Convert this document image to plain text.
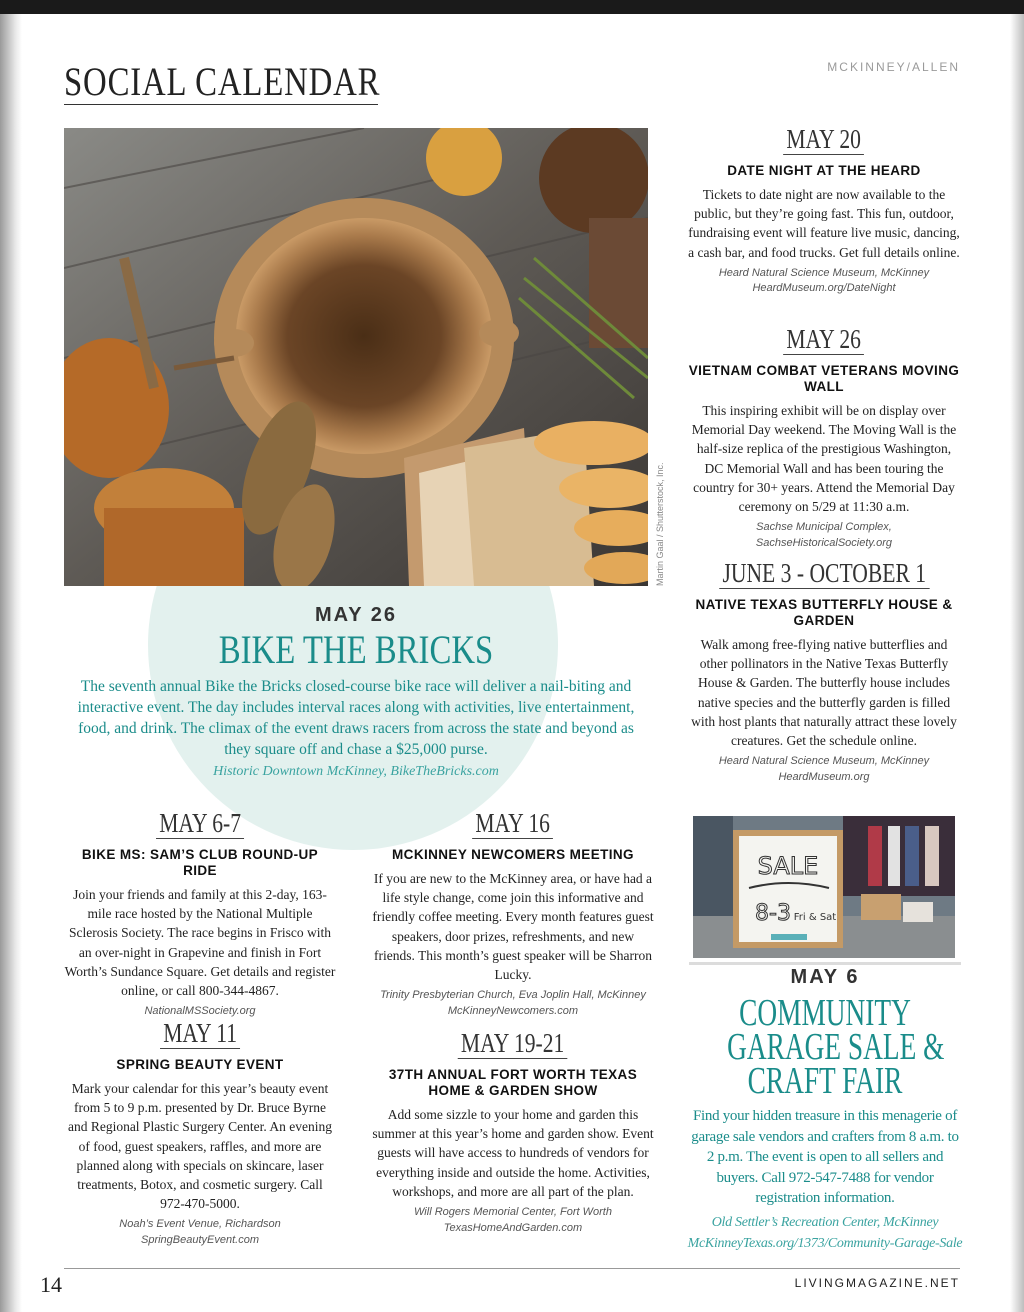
SOCIAL CALENDAR	MCKINNEY/ALLEN
Martin Gaal / Shutterstock, Inc.
MAY 26
BIKE THE BRICKS
The seventh annual Bike the Bricks closed-course bike race will deliver a nail-biting and interactive event. The day includes interval races along with activities, live entertainment, food, and drink. The climax of the event draws racers from across the state and beyond as they square off and chase a $25,000 purse.
Historic Downtown McKinney, BikeTheBricks.com
MAY 20
DATE NIGHT AT THE HEARD
Tickets to date night are now available to the public, but they’re going fast. This fun, outdoor, fundraising event will feature live music, dancing, a cash bar, and food trucks. Get full details online.
Heard Natural Science Museum, McKinney
HeardMuseum.org/DateNight
MAY 26
VIETNAM COMBAT VETERANS MOVING WALL
This inspiring exhibit will be on display over Memorial Day weekend. The Moving Wall is the half-size replica of the prestigious Washington, DC Memorial Wall and has been touring the country for 30+ years. Attend the Memorial Day ceremony on 5/29 at 11:30 a.m.
Sachse Municipal Complex,
SachseHistoricalSociety.org
JUNE 3 - OCTOBER 1
NATIVE TEXAS BUTTERFLY HOUSE & GARDEN
Walk among free-flying native butterflies and other pollinators in the Native Texas Butterfly House & Garden. The butterfly house includes native species and the butterfly garden is filled with host plants that naturally attract these lovely creatures. Get the schedule online.
Heard Natural Science Museum, McKinney
HeardMuseum.org
MAY 6-7
BIKE MS: SAM’S CLUB ROUND-UP RIDE
Join your friends and family at this 2-day, 163-mile race hosted by the National Multiple Sclerosis Society. The race begins in Frisco with an over-night in Grapevine and finish in Fort Worth’s Sundance Square. Get details and register online, or call 800-344-4867.
NationalMSSociety.org
MAY 16
MCKINNEY NEWCOMERS MEETING
If you are new to the McKinney area, or have had a life style change, come join this informative and friendly coffee meeting. Every month features guest speakers, door prizes, refreshments, and new friends. This month’s guest speaker will be Sharron Lucky.
Trinity Presbyterian Church, Eva Joplin Hall, McKinney
McKinneyNewcomers.com
MAY 11
SPRING BEAUTY EVENT
Mark your calendar for this year’s beauty event from 5 to 9 p.m. presented by Dr. Bruce Byrne and Regional Plastic Surgery Center. An evening of food, guest speakers, raffles, and more are planned along with specials on skincare, laser treatments, Botox, and cosmetic surgery. Call 972-470-5000.
Noah’s Event Venue, Richardson
SpringBeautyEvent.com
MAY 19-21
37TH ANNUAL FORT WORTH TEXAS HOME & GARDEN SHOW
Add some sizzle to your home and garden this summer at this year’s home and garden show. Event guests will have access to hundreds of vendors for everything inside and outside the home. Activities, workshops, and more are all part of the plan.
Will Rogers Memorial Center, Fort Worth
TexasHomeAndGarden.com
SALE
8-3 Fri & Sat
MAY 6
COMMUNITY
GARAGE SALE &
CRAFT FAIR
Find your hidden treasure in this menagerie of garage sale vendors and crafters from 8 a.m. to 2 p.m. The event is open to all sellers and buyers. Call 972-547-7488 for vendor registration information.
Old Settler’s Recreation Center, McKinney
McKinneyTexas.org/1373/Community-Garage-Sale
14	LIVINGMAGAZINE.NET
